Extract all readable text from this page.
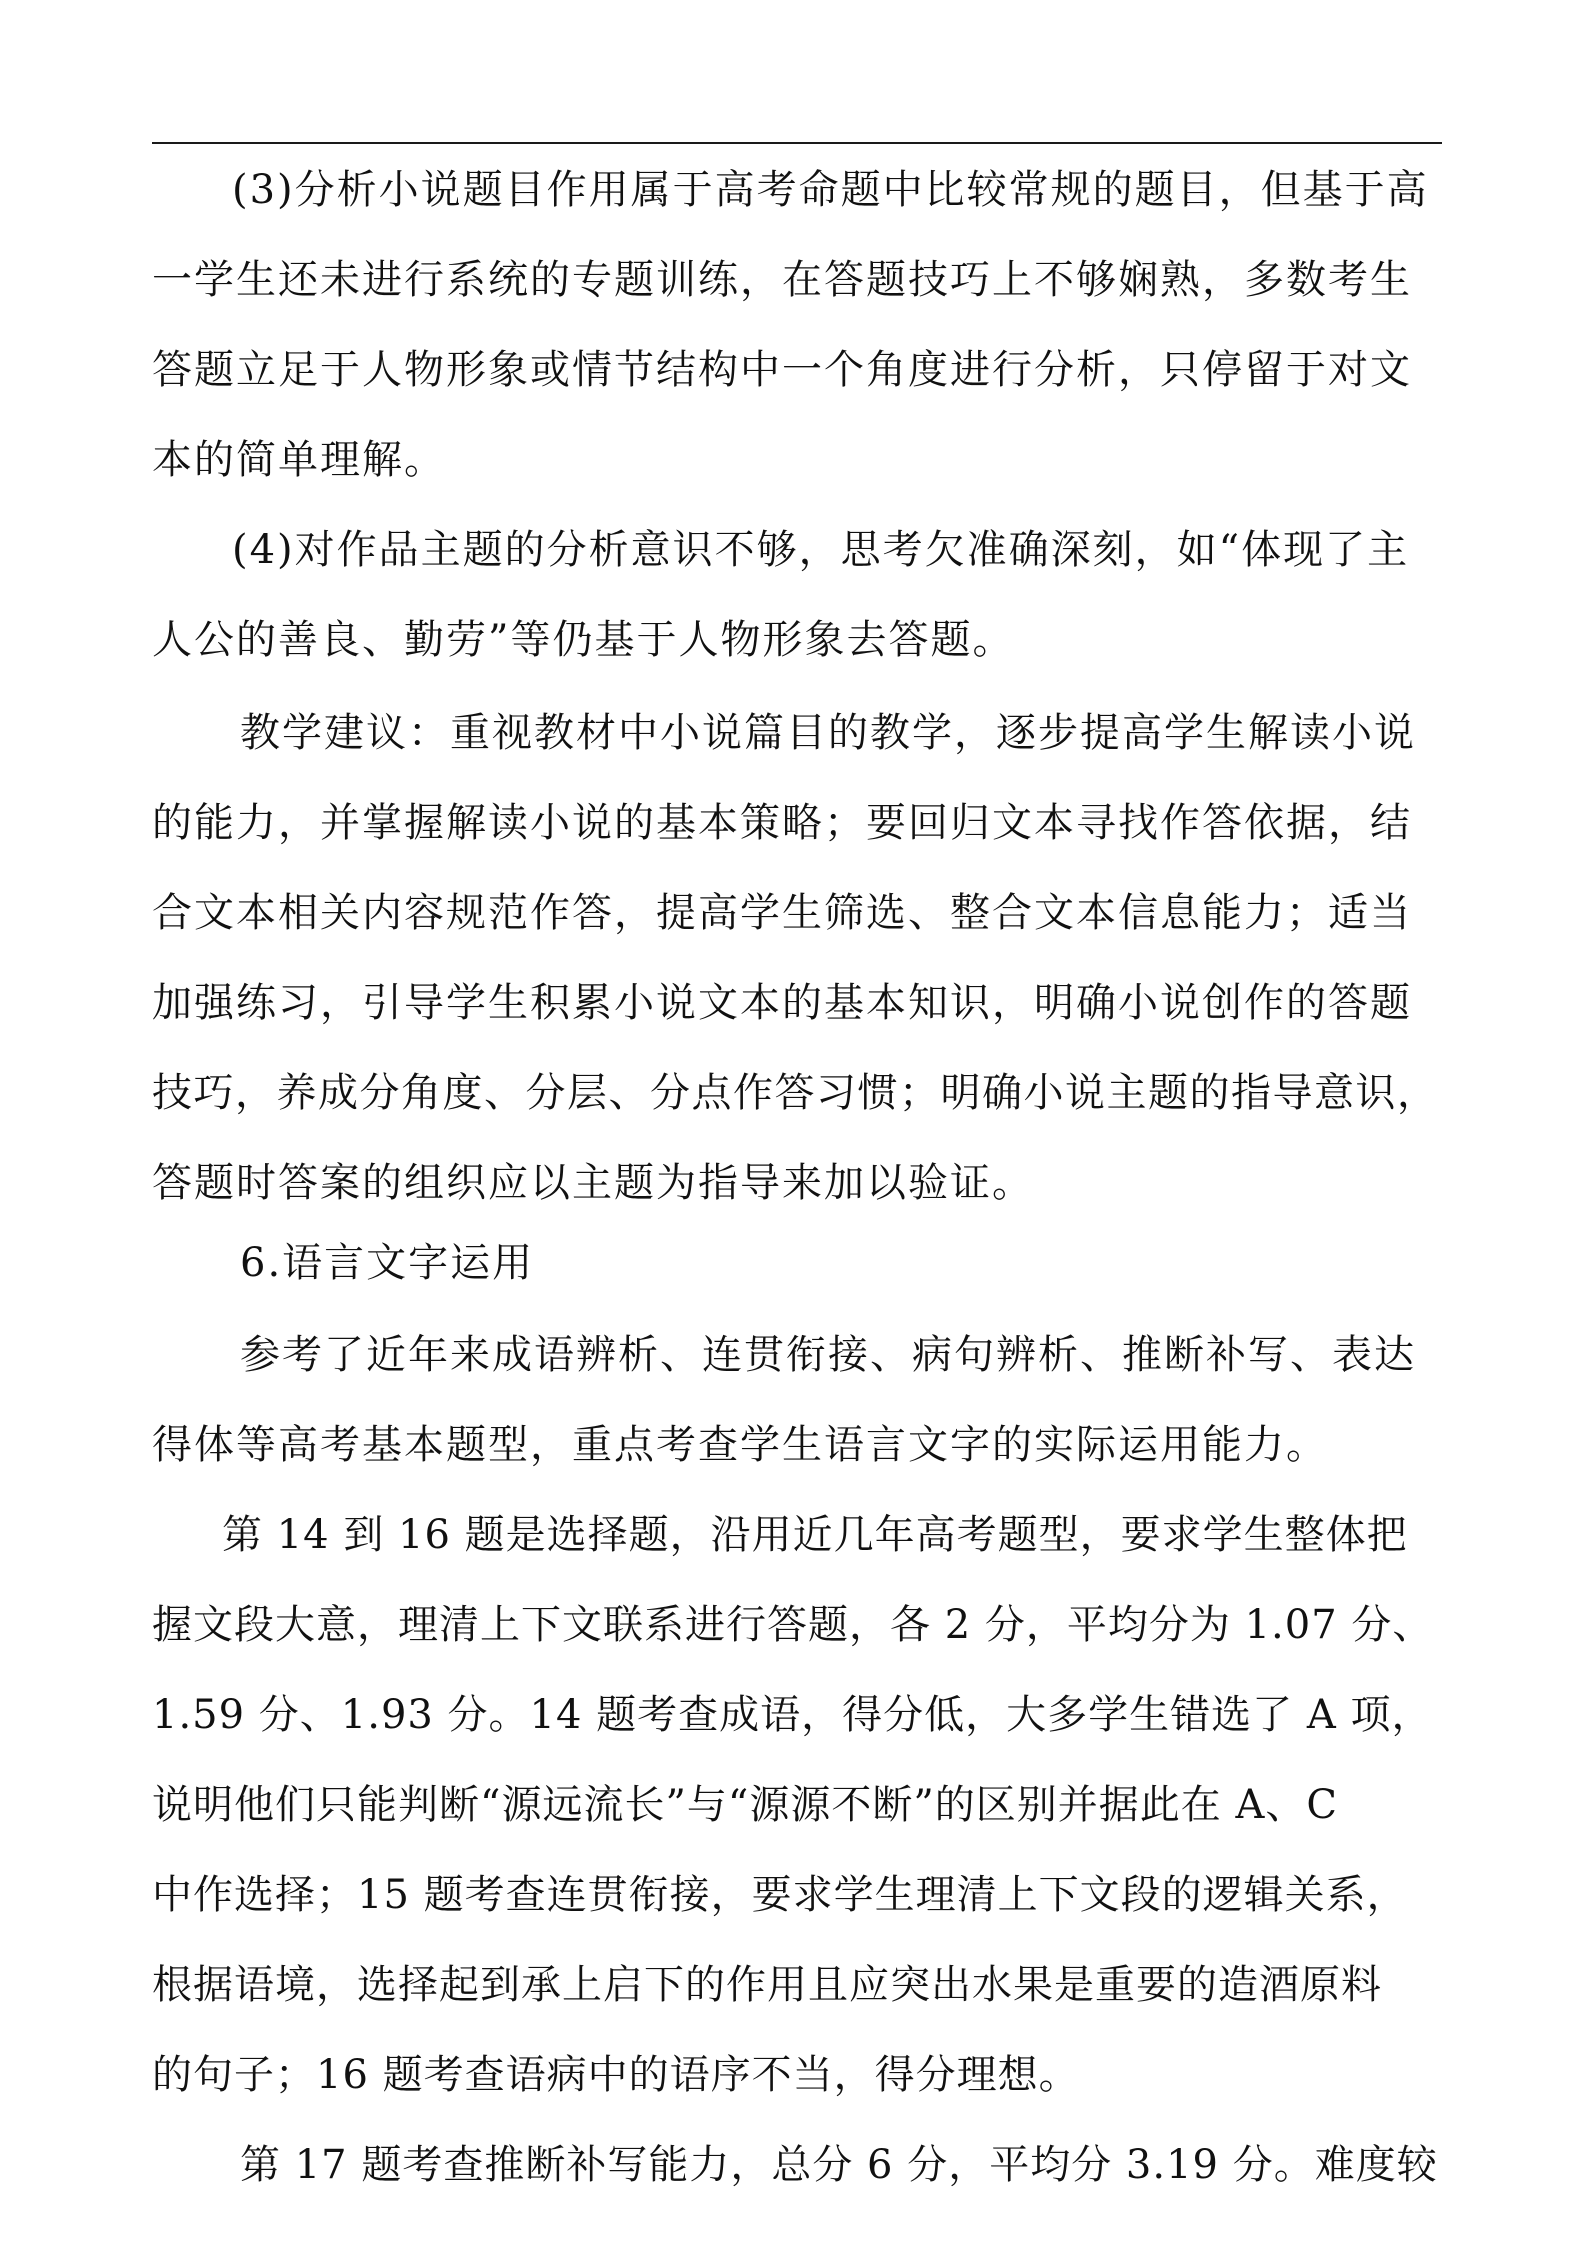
(3)分析小说题目作用属于高考命题中比较常规的题目，但基于高
一学生还未进行系统的专题训练，在答题技巧上不够娴熟，多数考生
答题立足于人物形象或情节结构中一个角度进行分析，只停留于对文
本的简单理解。
(4)对作品主题的分析意识不够，思考欠准确深刻，如“体现了主
人公的善良、勤劳”等仍基于人物形象去答题。
教学建议：重视教材中小说篇目的教学，逐步提高学生解读小说
的能力，并掌握解读小说的基本策略；要回归文本寻找作答依据，结
合文本相关内容规范作答，提高学生筛选、整合文本信息能力；适当
加强练习，引导学生积累小说文本的基本知识，明确小说创作的答题
技巧，养成分角度、分层、分点作答习惯；明确小说主题的指导意识，
答题时答案的组织应以主题为指导来加以验证。
6.语言文字运用
参考了近年来成语辨析、连贯衔接、病句辨析、推断补写、表达
得体等高考基本题型，重点考查学生语言文字的实际运用能力。
第 14 到 16 题是选择题，沿用近几年高考题型，要求学生整体把
握文段大意，理清上下文联系进行答题，各 2 分，平均分为 1.07 分、
1.59 分、1.93 分。14 题考查成语，得分低，大多学生错选了 A 项，
说明他们只能判断“源远流长”与“源源不断”的区别并据此在 A、C
中作选择；15 题考查连贯衔接，要求学生理清上下文段的逻辑关系，
根据语境，选择起到承上启下的作用且应突出水果是重要的造酒原料
的句子；16 题考查语病中的语序不当，得分理想。
第 17 题考查推断补写能力，总分 6 分，平均分 3.19 分。难度较
